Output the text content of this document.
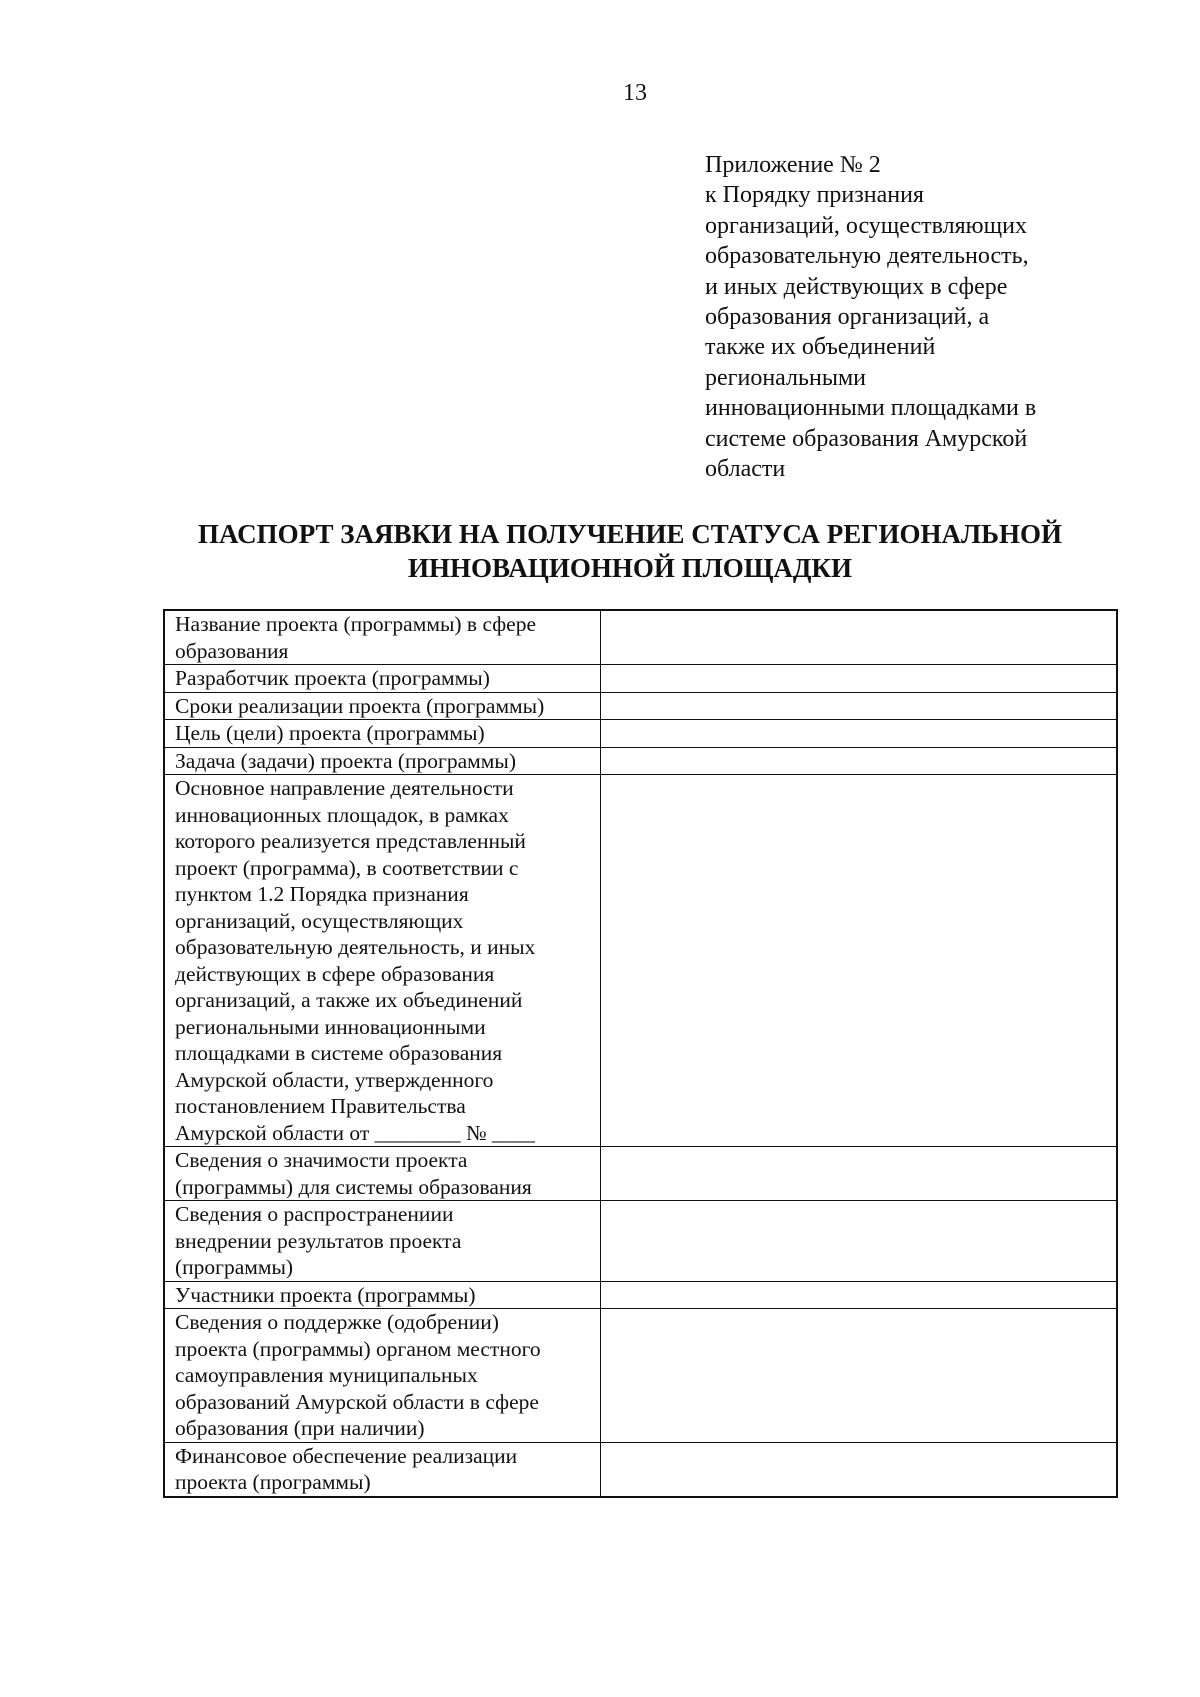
13
Приложение № 2
к Порядку признания
организаций, осуществляющих
образовательную деятельность,
и иных действующих в сфере
образования организаций, а
также их объединений
региональными
инновационными площадками в
системе образования Амурской
области
ПАСПОРТ ЗАЯВКИ НА ПОЛУЧЕНИЕ СТАТУСА РЕГИОНАЛЬНОЙ
ИННОВАЦИОННОЙ ПЛОЩАДКИ
Название проекта (программы) в сфере
образования
Разработчик проекта (программы)
Сроки реализации проекта (программы)
Цель (цели) проекта (программы)
Задача (задачи) проекта (программы)
Основное направление деятельности
инновационных площадок, в рамках
которого реализуется представленный
проект (программа), в соответствии с
пунктом 1.2 Порядка признания
организаций, осуществляющих
образовательную деятельность, и иных
действующих в сфере образования
организаций, а также их объединений
региональными инновационными
площадками в системе образования
Амурской области, утвержденного
постановлением Правительства
Амурской области от ________ № ____
Сведения о значимости проекта
(программы) для системы образования
Сведения о распространениии
внедрении результатов проекта
(программы)
Участники проекта (программы)
Сведения о поддержке (одобрении)
проекта (программы) органом местного
самоуправления муниципальных
образований Амурской области в сфере
образования (при наличии)
Финансовое обеспечение реализации
проекта (программы)
